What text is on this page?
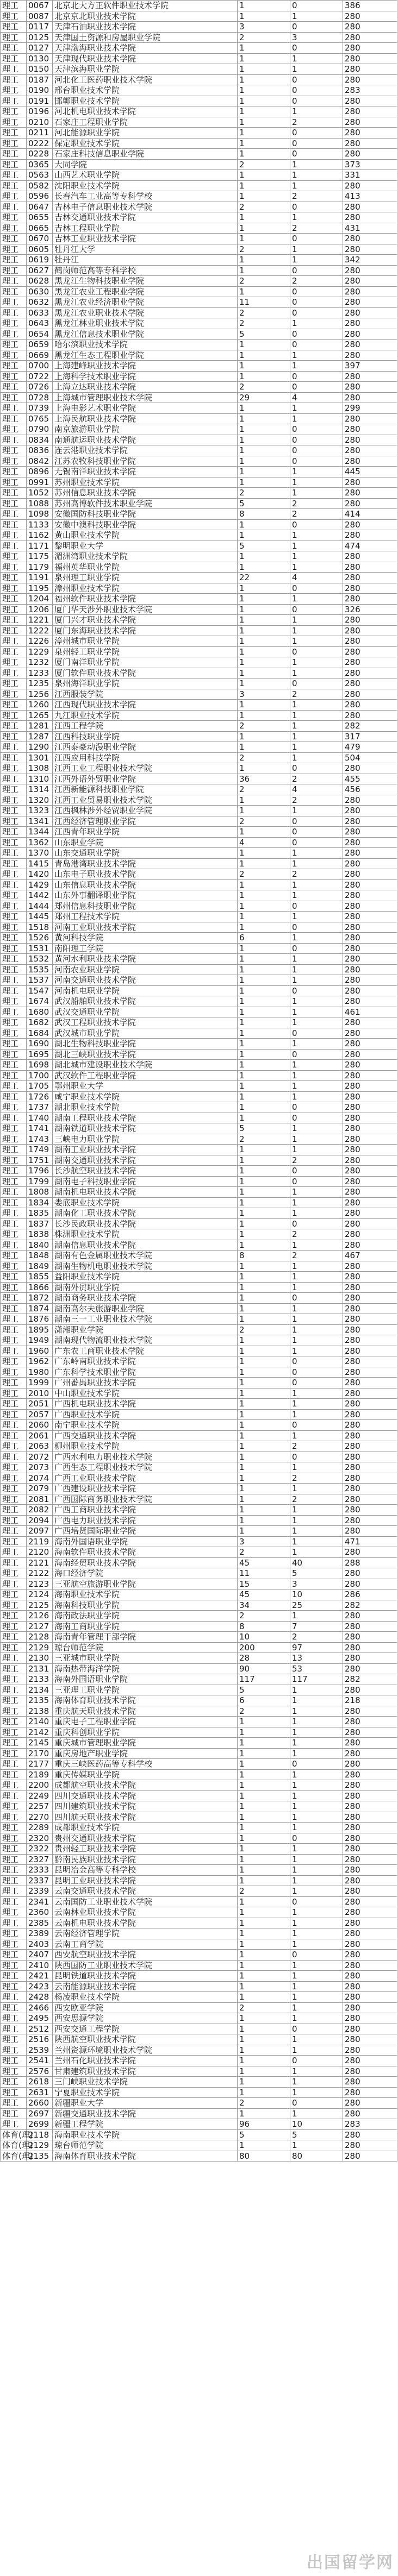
理工	0067	北京北大方正软件职业技术学院	1	0	386
理工	0087	北京京北职业技术学院	1	1	280
理工	0117	天津石油职业技术学院	3	0	280
理工	0125	天津国土资源和房屋职业学院	2	3	280
理工	0127	天津渤海职业技术学院	1	0	280
理工	0130	天津现代职业技术学院	1	1	280
理工	0150	天津滨海职业学院	1	1	280
理工	0187	河北化工医药职业技术学院	1	0	280
理工	0190	邢台职业技术学院	1	0	283
理工	0191	邯郸职业技术学院	1	0	280
理工	0196	河北机电职业技术学院	1	1	280
理工	0210	石家庄工程职业学院	1	2	280
理工	0211	河北能源职业学院	1	0	280
理工	0222	保定职业技术学院	1	0	280
理工	0228	石家庄科技信息职业学院	1	0	280
理工	0365	大同学院	2	1	373
理工	0563	山西艺术职业学院	1	1	331
理工	0582	沈阳职业技术学院	1	1	280
理工	0596	长春汽车工业高等专科学校	1	2	413
理工	0647	吉林电子信息职业技术学院	2	0	280
理工	0655	吉林交通职业技术学院	1	1	280
理工	0665	吉林工程职业学院	1	2	431
理工	0670	吉林工业职业技术学院	1	0	280
理工	0605	牡丹江大学	2	1	280
理工	0619	牡丹江	1	1	342
理工	0627	鹤岗师范高等专科学校	1	0	280
理工	0628	黑龙江生物科技职业学院	2	2	280
理工	0630	黑龙江农业工程职业学院	1	0	280
理工	0632	黑龙江农业经济职业学院	11	0	280
理工	0633	黑龙江农业职业技术学院	2	0	280
理工	0643	黑龙江林业职业技术学院	2	1	280
理工	0654	黑龙江信息技术职业学院	5	0	280
理工	0659	哈尔滨职业技术学院	1	0	280
理工	0669	黑龙江生态工程职业学院	1	1	280
理工	0700	上海建峰职业技术学院	1	1	397
理工	0722	上海科学技术职业学院	1	0	280
理工	0726	上海立达职业技术学院	2	0	280
理工	0728	上海城市管理职业技术学院	29	4	280
理工	0739	上海电影艺术职业学院	1	1	299
理工	0765	上海民航职业技术学院	1	1	280
理工	0790	南京旅游职业学院	1	0	280
理工	0834	南通航运职业技术学院	1	0	280
理工	0836	连云港职业技术学院	1	0	280
理工	0842	江苏农牧科技职业学院	1	0	280
理工	0896	无锡南洋职业技术学院	1	1	445
理工	0991	苏州职业技术学院	1	1	280
理工	1052	苏州信息职业技术学院	2	1	280
理工	1088	苏州高博软件技术职业学院	5	2	280
理工	1098	安徽国防科技职业学院	8	2	414
理工	1133	安徽中澳科技职业学院	1	0	280
理工	1162	黄山职业技术学院	1	1	280
理工	1171	黎明职业大学	5	1	474
理工	1175	湄洲湾职业技术学院	1	1	280
理工	1179	福州英华职业学院	1	1	280
理工	1191	泉州理工职业学院	22	4	280
理工	1195	漳州职业技术学院	1	0	280
理工	1204	福州软件职业技术学院	1	1	280
理工	1206	厦门华天涉外职业技术学院	1	0	326
理工	1221	厦门兴才职业技术学院	1	1	280
理工	1222	厦门东海职业技术学院	1	1	280
理工	1226	漳州城市职业学院	1	1	280
理工	1229	泉州轻工职业学院	1	0	280
理工	1232	厦门南洋职业学院	1	1	280
理工	1233	厦门软件职业技术学院	1	1	280
理工	1235	泉州海洋职业学院	1	0	280
理工	1256	江西服装学院	3	2	280
理工	1260	江西现代职业技术学院	1	1	280
理工	1265	九江职业技术学院	1	1	280
理工	1281	江西工程学院	2	1	282
理工	1287	江西科技职业学院	1	1	317
理工	1290	江西泰豪动漫职业学院	1	1	479
理工	1301	江西应用科技学院	2	1	504
理工	1308	江西工业工程职业技术学院	1	0	280
理工	1310	江西外语外贸职业学院	36	2	455
理工	1314	江西新能源科技职业学院	2	4	456
理工	1320	江西工业贸易职业技术学院	1	2	280
理工	1323	江西枫林涉外经贸职业学院	1	1	280
理工	1341	江西经济管理职业学院	2	0	280
理工	1344	江西青年职业学院	1	0	280
理工	1362	山东职业学院	4	0	280
理工	1370	山东交通职业学院	1	1	280
理工	1415	青岛港湾职业技术学院	1	1	280
理工	1420	山东电子职业技术学院	2	2	280
理工	1429	山东信息职业技术学院	1	1	280
理工	1442	山东外事翻译职业学院	1	1	280
理工	1444	郑州信息科技职业学院	1	0	280
理工	1445	郑州工程技术学院	1	1	280
理工	1518	河南工业职业技术学院	1	0	280
理工	1526	黄河科技学院	6	1	280
理工	1531	南阳理工学院	1	0	280
理工	1532	黄河水利职业技术学院	1	1	280
理工	1535	河南农业职业学院	1	1	280
理工	1537	河南交通职业技术学院	1	1	280
理工	1547	河南机电职业学院	1	0	280
理工	1674	武汉船舶职业技术学院	1	1	280
理工	1680	武汉交通职业学院	1	1	461
理工	1682	武汉工程职业技术学院	1	1	280
理工	1684	武汉城市职业学院	1	0	280
理工	1690	湖北生物科技职业学院	1	1	280
理工	1695	湖北三峡职业技术学院	1	0	280
理工	1698	湖北城市建设职业技术学院	1	1	280
理工	1700	武汉软件工程职业学院	1	1	280
理工	1705	鄂州职业大学	1	1	280
理工	1726	咸宁职业技术学院	1	1	280
理工	1737	湖北职业技术学院	1	0	280
理工	1740	湖南工程职业技术学院	1	0	280
理工	1741	湖南铁道职业技术学院	5	1	280
理工	1743	三峡电力职业学院	2	1	280
理工	1749	湖南工业职业技术学院	1	1	280
理工	1751	湖南交通职业技术学院	1	2	280
理工	1796	长沙航空职业技术学院	1	0	280
理工	1799	湖南电子科技职业学院	1	0	280
理工	1808	湖南机电职业技术学院	1	1	280
理工	1834	娄底职业技术学院	1	1	280
理工	1835	湖南化工职业技术学院	1	1	280
理工	1837	长沙民政职业技术学院	1	0	280
理工	1838	株洲职业技术学院	1	2	280
理工	1840	湖南信息职业技术学院	1	1	280
理工	1848	湖南有色金属职业技术学院	8	2	467
理工	1849	湖南生物机电职业技术学院	1	1	280
理工	1855	益阳职业技术学院	1	1	280
理工	1866	湖南外贸职业学院	1	1	280
理工	1872	湖南商务职业技术学院	1	0	280
理工	1874	湖南高尔夫旅游职业学院	1	1	280
理工	1876	湖南三一工业职业技术学院	1	1	280
理工	1895	潇湘职业学院	2	1	280
理工	1949	湖南现代物流职业技术学院	1	1	280
理工	1960	广东农工商职业技术学院	1	1	280
理工	1962	广东岭南职业技术学院	1	0	280
理工	1980	广东科学技术职业学院	1	0	280
理工	1999	广州番禺职业技术学院	1	0	280
理工	2010	中山职业技术学院	1	1	280
理工	2051	广西机电职业技术学院	1	1	280
理工	2057	广西职业技术学院	1	1	280
理工	2060	南宁职业技术学院	1	0	280
理工	2061	广西交通职业技术学院	1	1	280
理工	2063	柳州职业技术学院	1	2	280
理工	2072	广西水利电力职业技术学院	1	0	280
理工	2073	广西生态工程职业技术学院	1	1	280
理工	2074	广西工业职业技术学院	1	2	280
理工	2079	广西建设职业技术学院	1	1	280
理工	2081	广西国际商务职业技术学院	1	2	280
理工	2082	广西工商职业技术学院	1	1	280
理工	2094	广西电力职业技术学院	1	1	280
理工	2097	广西培贤国际职业学院	1	1	280
理工	2119	海南外国语职业学院	3	1	471
理工	2120	海南软件职业技术学院	2	1	280
理工	2121	海南经贸职业技术学院	45	40	288
理工	2122	海口经济学院	11	5	280
理工	2123	三亚航空旅游职业学院	15	3	280
理工	2124	海南职业技术学院	45	10	286
理工	2125	海南科技职业学院	34	25	282
理工	2126	海南政法职业学院	2	1	280
理工	2127	海南工商职业学院	8	7	280
理工	2128	海南青年管理干部学院	10	2	280
理工	2129	琼台师范学院	200	97	280
理工	2130	三亚城市职业学院	28	13	280
理工	2131	海南热带海洋学院	90	53	280
理工	2133	海南外国语职业学院	117	117	282
理工	2134	三亚理工职业学院	5	1	280
理工	2135	海南体育职业技术学院	6	1	218
理工	2138	重庆航天职业技术学院	2	1	280
理工	2140	重庆电子工程职业学院	1	1	280
理工	2142	重庆科创职业学院	1	1	280
理工	2145	重庆城市管理职业学院	1	1	280
理工	2170	重庆房地产职业学院	1	1	280
理工	2177	重庆三峡医药高等专科学校	1	0	280
理工	2189	重庆传媒职业学院	1	1	280
理工	2200	成都航空职业技术学院	1	1	280
理工	2249	四川交通职业技术学院	1	1	280
理工	2257	四川建筑职业技术学院	1	1	280
理工	2270	四川航天职业技术学院	1	1	280
理工	2289	成都职业技术学院	1	1	280
理工	2320	贵州交通职业技术学院	1	0	280
理工	2322	贵州轻工职业技术学院	1	1	280
理工	2327	黔南民族职业技术学院	1	1	280
理工	2333	昆明冶金高等专科学校	1	1	280
理工	2337	昆明工业职业技术学院	1	1	280
理工	2339	云南交通职业技术学院	2	1	280
理工	2341	云南国防工业职业技术学院	1	0	280
理工	2360	云南林业职业技术学院	1	1	280
理工	2385	云南机电职业技术学院	1	1	280
理工	2389	云南经济管理学院	1	1	280
理工	2403	云南工商学院	1	1	280
理工	2407	西安航空职业技术学院	1	0	280
理工	2410	陕西国防工业职业技术学院	1	1	280
理工	2421	昆明铁道职业技术学院	1	1	280
理工	2423	云南能源职业技术学院	1	1	280
理工	2428	杨凌职业技术学院	1	1	280
理工	2466	西安欧亚学院	2	1	280
理工	2495	西安思源学院	1	1	280
理工	2512	西安交通工程学院	1	0	280
理工	2516	陕西航空职业技术学院	1	1	280
理工	2539	兰州资源环境职业技术学院	1	1	280
理工	2541	兰州石化职业技术学院	1	0	280
理工	2576	甘肃建筑职业技术学院	1	1	280
理工	2618	三门峡职业技术学院	1	1	280
理工	2631	宁夏职业技术学院	1	1	280
理工	2660	新疆职业大学	2	0	280
理工	2697	新疆交通职业技术学院	1	1	280
理工	2699	新疆工程学院	96	10	283
体育(理)	2118	海南职业技术学院	5	5	280
体育(理)	2129	琼台师范学院	1	1	280
体育(理)	2135	海南体育职业技术学院	80	80	280
出国留学网
